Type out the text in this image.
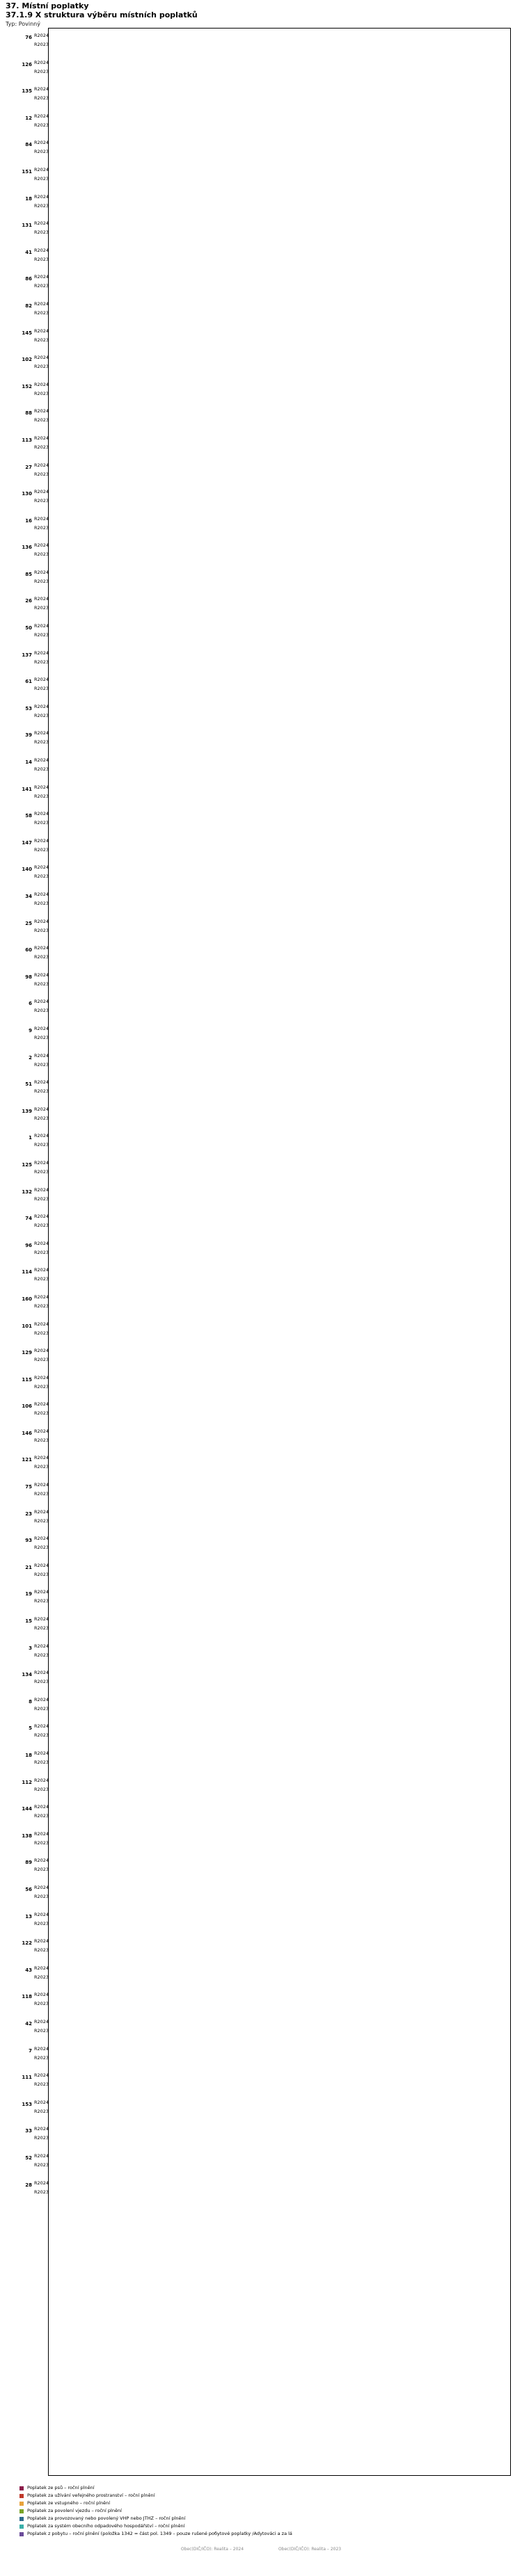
37. Místní poplatky
37.1.9 X struktura výběru místních poplatků
Typ: Povinný
76 R2024
R2023
126 R2024
R2023
135 R2024
R2023
12 R2024
R2023
84 R2024
R2023
151 R2024
R2023
18 R2024
R2023
131 R2024
R2023
41 R2024
R2023
86 R2024
R2023
82 R2024
R2023
145 R2024
R2023
102 R2024
R2023
152 R2024
R2023
88 R2024
R2023
113 R2024
R2023
27 R2024
R2023
130 R2024
R2023
16 R2024
R2023
136 R2024
R2023
85 R2024
R2023
26 R2024
R2023
50 R2024
R2023
137 R2024
R2023
61 R2024
R2023
53 R2024
R2023
39 R2024
R2023
14 R2024
R2023
141 R2024
R2023
58 R2024
R2023
147 R2024
R2023
140 R2024
R2023
34 R2024
R2023
25 R2024
R2023
60 R2024
R2023
98 R2024
R2023
6 R2024
R2023
9 R2024
R2023
2 R2024
R2023
51 R2024
R2023
139 R2024
R2023
1 R2024
R2023
125 R2024
R2023
132 R2024
R2023
74 R2024
R2023
96 R2024
R2023
114 R2024
R2023
160 R2024
R2023
101 R2024
R2023
129 R2024
R2023
115 R2024
R2023
106 R2024
R2023
146 R2024
R2023
121 R2024
R2023
75 R2024
R2023
23 R2024
R2023
93 R2024
R2023
21 R2024
R2023
19 R2024
R2023
15 R2024
R2023
3 R2024
R2023
134 R2024
R2023
8 R2024
R2023
5 R2024
R2023
18 R2024
R2023
112 R2024
R2023
144 R2024
R2023
138 R2024
R2023
89 R2024
R2023
56 R2024
R2023
13 R2024
R2023
122 R2024
R2023
43 R2024
R2023
118 R2024
R2023
42 R2024
R2023
7 R2024
R2023
111 R2024
R2023
153 R2024
R2023
33 R2024
R2023
52 R2024
R2023
28 R2024
R2023
Poplatek ze psů – roční plnění
Poplatek za užívání veřejného prostranství – roční plnění
Poplatek ze vstupného – roční plnění
Poplatek za povolení vjezdu – roční plnění
Poplatek za provozovaný nebo povolený VHP nebo JTHZ – roční plnění
Poplatek za systém obecního odpadového hospodářství – roční plnění
Poplatek z pobytu – roční plnění (položka 1342 = část pol. 1349 – pouze rušené pобytové poplatky /Adytováci a za lá
Obec(DIČ/IČO): Realita – 2024	Obec(DIČ/IČO): Realita – 2023
